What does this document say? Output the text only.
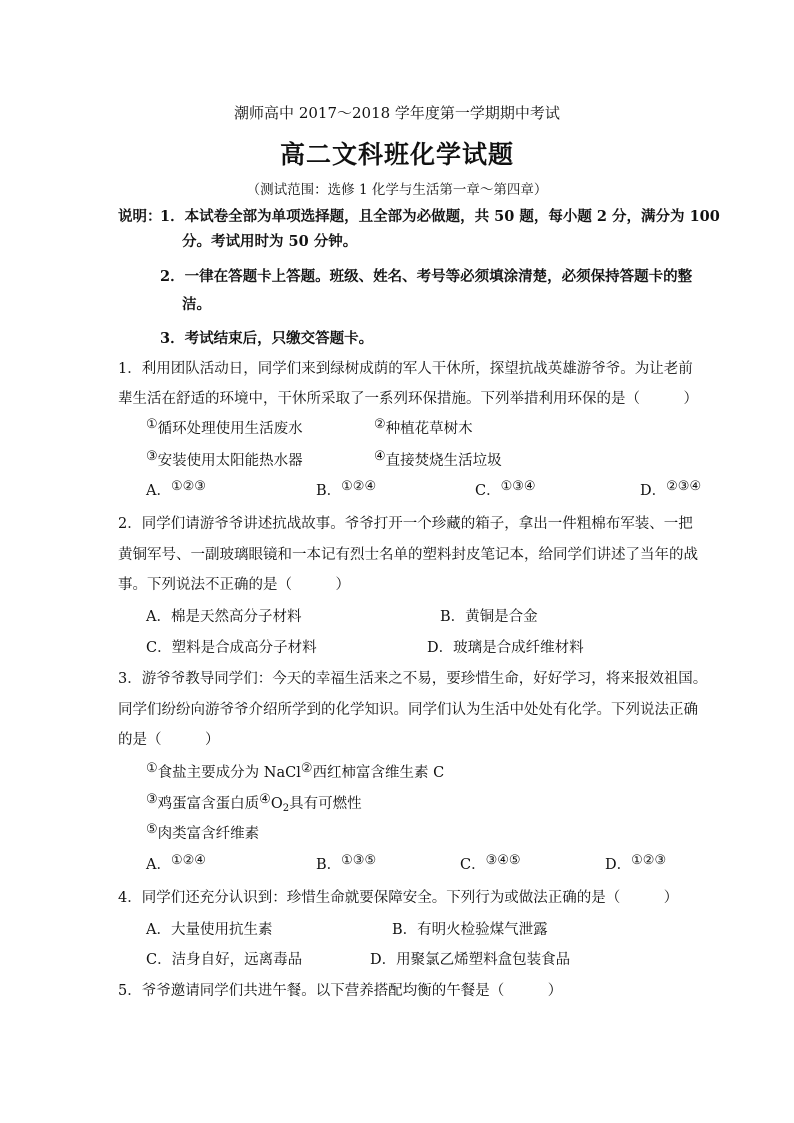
潮师高中 2017～2018 学年度第一学期期中考试
高二文科班化学试题
（测试范围：选修 1 化学与生活第一章～第四章）
说明：
1．本试卷全部为单项选择题，且全部为必做题，共 50 题，每小题 2 分，满分为 100
分。考试用时为 50 分钟。
2．一律在答题卡上答题。班级、姓名、考号等必须填涂清楚，必须保持答题卡的整
洁。
3．考试结束后，只缴交答题卡。
1．利用团队活动日，同学们来到绿树成荫的军人干休所，探望抗战英雄游爷爷。为让老前
辈生活在舒适的环境中，干休所采取了一系列环保措施。下列举措利用环保的是（　　　）
①循环处理使用生活废水	②种植花草树木
③安装使用太阳能热水器	④直接焚烧生活垃圾
A．①②③	B．①②④	C．①③④	D．②③④
2．同学们请游爷爷讲述抗战故事。爷爷打开一个珍藏的箱子，拿出一件粗棉布军装、一把
黄铜军号、一副玻璃眼镜和一本记有烈士名单的塑料封皮笔记本，给同学们讲述了当年的战
事。下列说法不正确的是（　　　）
A．棉是天然高分子材料	B．黄铜是合金
C．塑料是合成高分子材料	D．玻璃是合成纤维材料
3．游爷爷教导同学们：今天的幸福生活来之不易，要珍惜生命，好好学习，将来报效祖国。
同学们纷纷向游爷爷介绍所学到的化学知识。同学们认为生活中处处有化学。下列说法正确
的是（　　　）
①食盐主要成分为 NaCl②西红柿富含维生素 C
③鸡蛋富含蛋白质$④O_2$具有可燃性
⑤肉类富含纤维素
A．①②④	B．①③⑤	C．③④⑤	D．①②③
4．同学们还充分认识到：珍惜生命就要保障安全。下列行为或做法正确的是（　　　）
A．大量使用抗生素	B．有明火检验煤气泄露
C．洁身自好，远离毒品	D．用聚氯乙烯塑料盒包装食品
5．爷爷邀请同学们共进午餐。以下营养搭配均衡的午餐是（　　　）
